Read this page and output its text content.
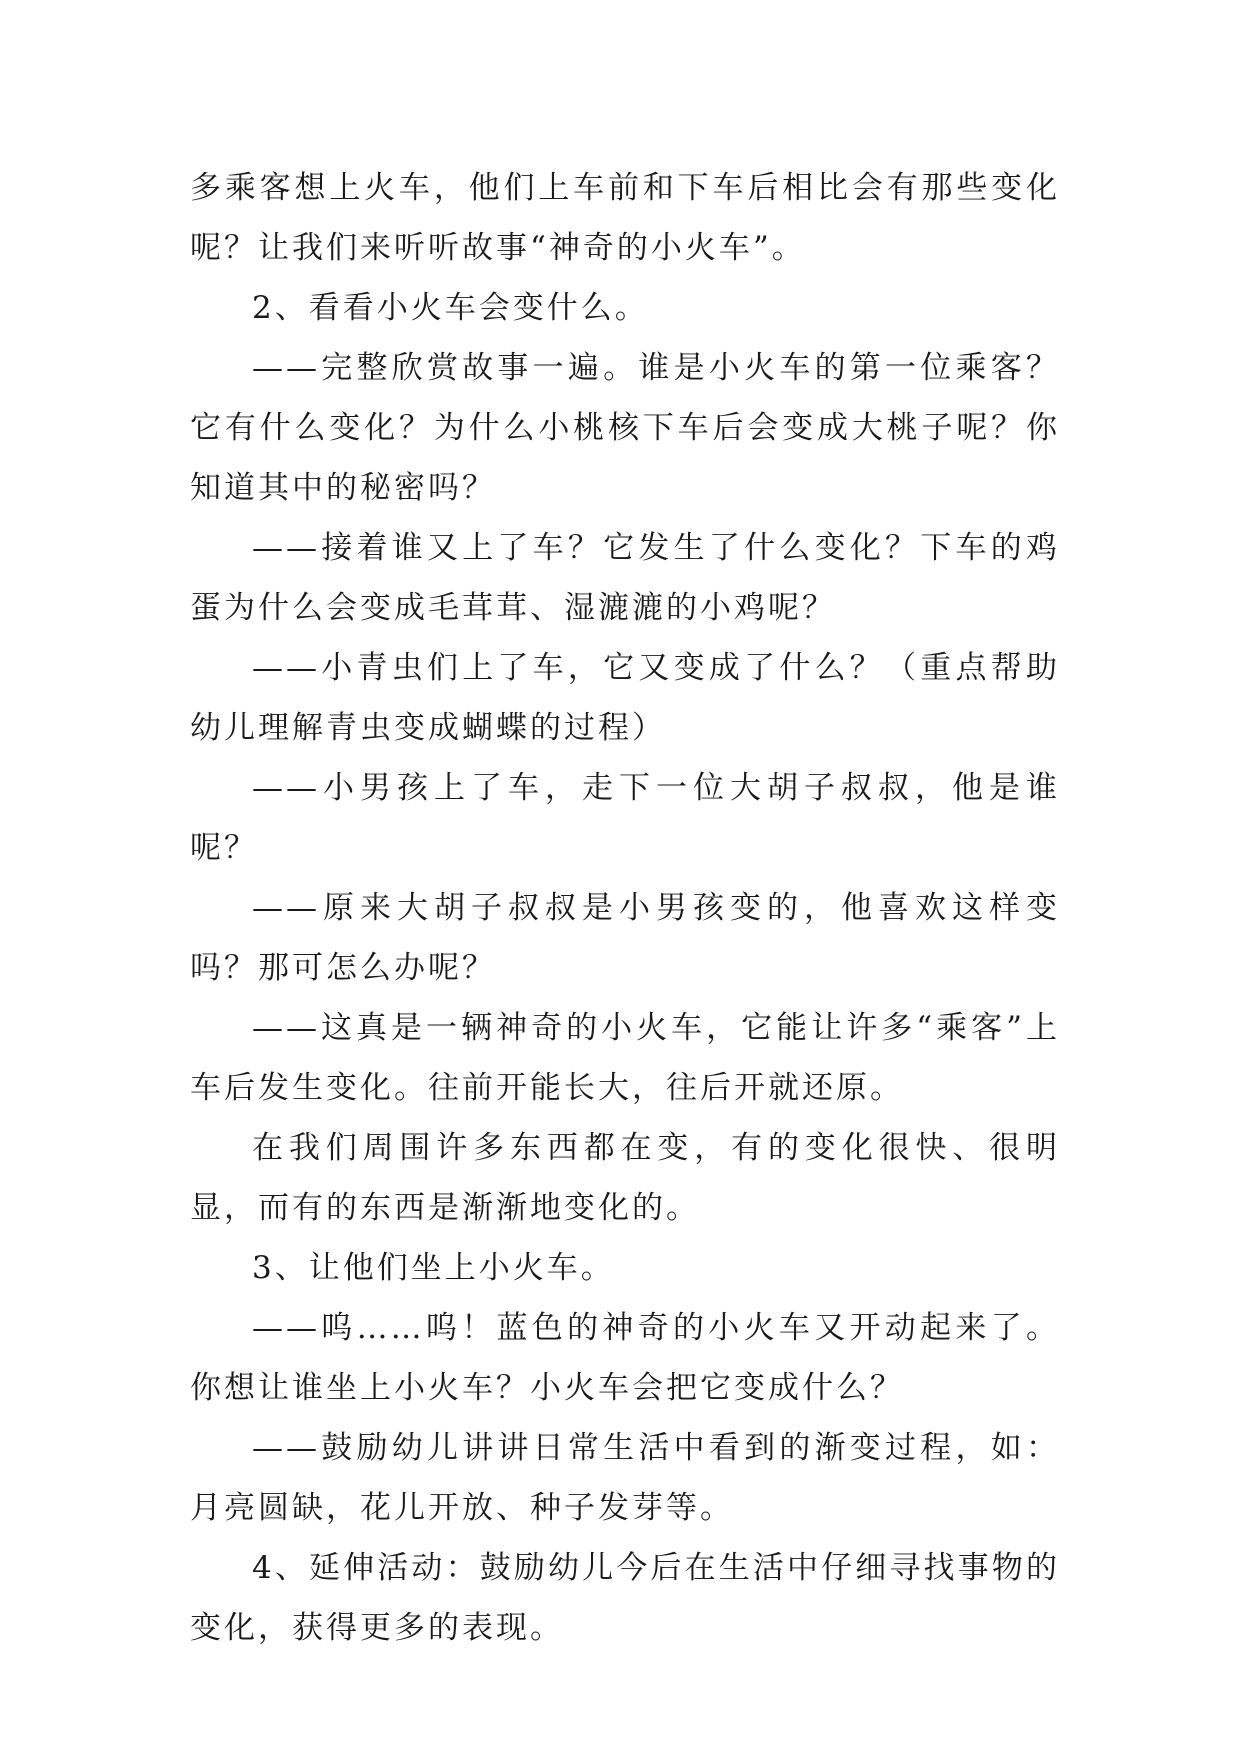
多乘客想上火车，他们上车前和下车后相比会有那些变化呢？让我们来听听故事“神奇的小火车”。

2、看看小火车会变什么。

——完整欣赏故事一遍。谁是小火车的第一位乘客？它有什么变化？为什么小桃核下车后会变成大桃子呢？你知道其中的秘密吗？

——接着谁又上了车？它发生了什么变化？下车的鸡蛋为什么会变成毛茸茸、湿漉漉的小鸡呢？

——小青虫们上了车，它又变成了什么？（重点帮助幼儿理解青虫变成蝴蝶的过程）

——小男孩上了车，走下一位大胡子叔叔，他是谁呢？

——原来大胡子叔叔是小男孩变的，他喜欢这样变吗？那可怎么办呢？

——这真是一辆神奇的小火车，它能让许多“乘客”上车后发生变化。往前开能长大，往后开就还原。

在我们周围许多东西都在变，有的变化很快、很明显，而有的东西是渐渐地变化的。

3、让他们坐上小火车。

——呜……呜！蓝色的神奇的小火车又开动起来了。你想让谁坐上小火车？小火车会把它变成什么？

——鼓励幼儿讲讲日常生活中看到的渐变过程，如：月亮圆缺，花儿开放、种子发芽等。

4、延伸活动：鼓励幼儿今后在生活中仔细寻找事物的变化，获得更多的表现。
